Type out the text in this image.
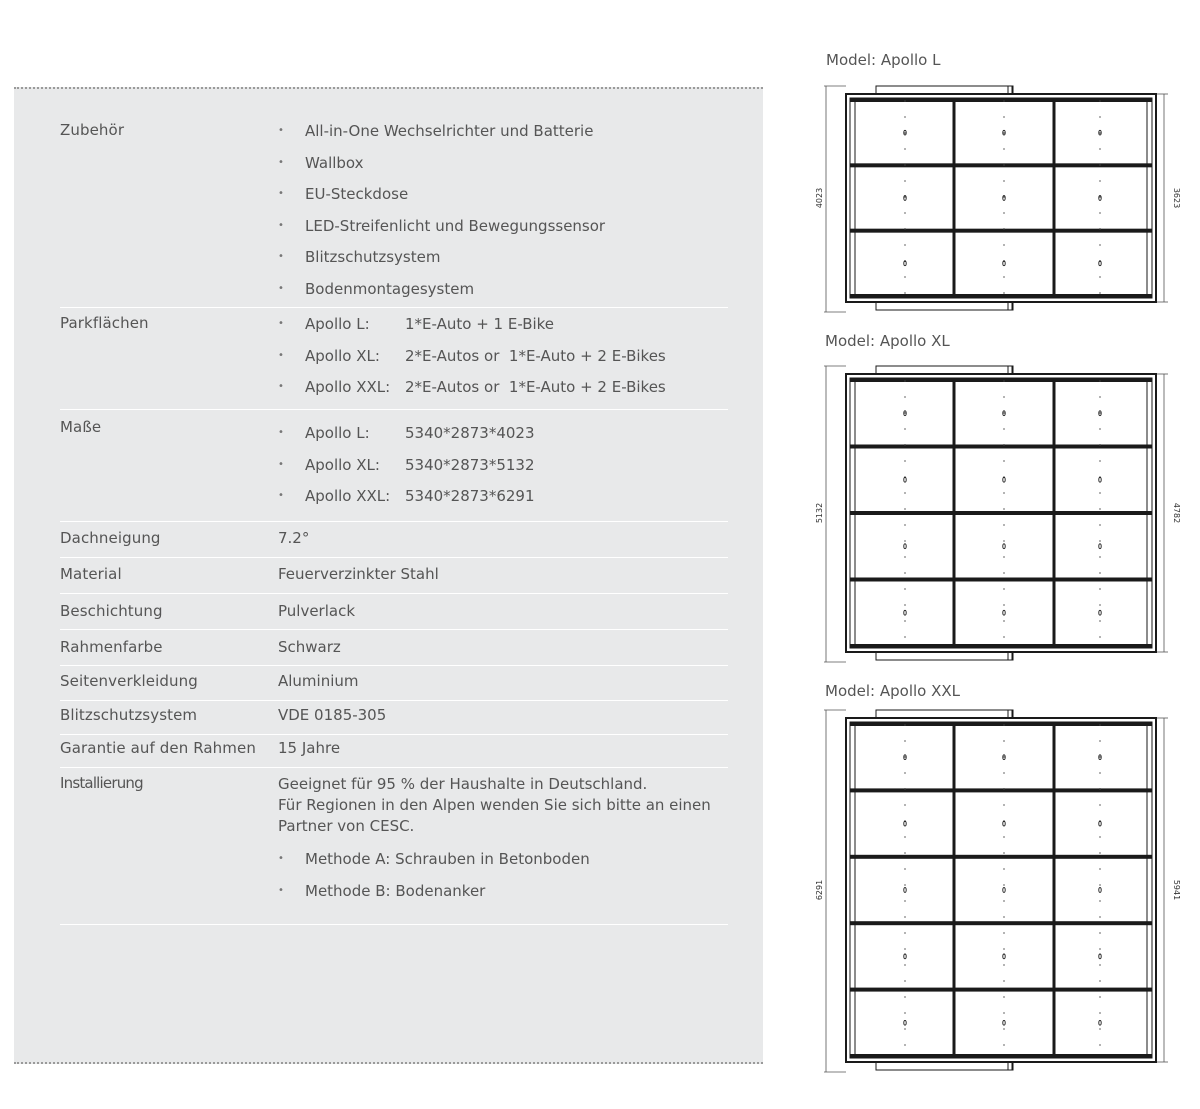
Zubehör	• All-in-One Wechselrichter und Batterie
• Wallbox
• EU-Steckdose
• LED-Streifenlicht und Bewegungssensor
• Blitzschutzsystem
• Bodenmontagesystem
Parkflächen	• Apollo L: 1*E-Auto + 1 E-Bike
• Apollo XL: 2*E-Autos or  1*E-Auto + 2 E-Bikes
• Apollo XXL: 2*E-Autos or  1*E-Auto + 2 E-Bikes
Maße	• Apollo L: 5340*2873*4023
• Apollo XL: 5340*2873*5132
• Apollo XXL: 5340*2873*6291
Dachneigung	7.2°
Material	Feuerverzinkter Stahl
Beschichtung	Pulverlack
Rahmenfarbe	Schwarz
Seitenverkleidung	Aluminium
Blitzschutzsystem	VDE 0185-305
Garantie auf den Rahmen 15 Jahre
Installierung	Geeignet für 95 % der Haushalte in Deutschland.
Für Regionen in den Alpen wenden Sie sich bitte an einen Partner von CESC.
• Methode A: Schrauben in Betonboden
• Methode B: Bodenanker
Model: Apollo L
4023	3623
Model: Apollo XL
5132	4782
Model: Apollo XXL
6291	5941
